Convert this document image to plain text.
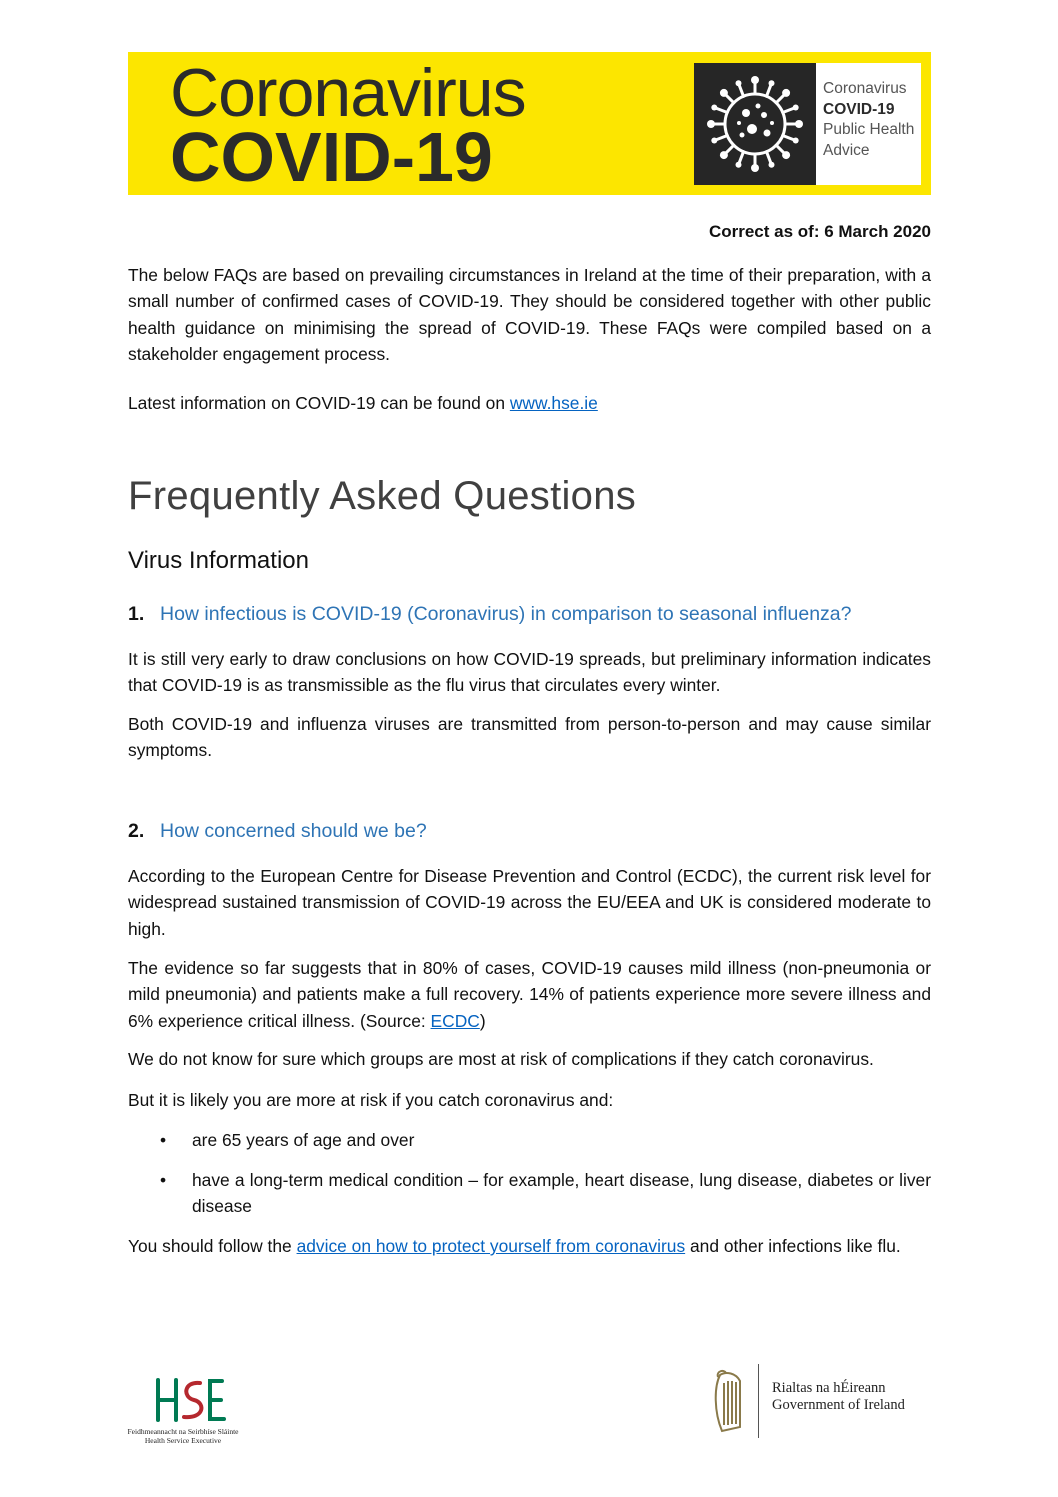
Coronavirus
COVID-19
Coronavirus
COVID-19
Public Health
Advice
Correct as of: 6 March 2020

The below FAQs are based on prevailing circumstances in Ireland at the time of their preparation, with a small number of confirmed cases of COVID-19. They should be considered together with other public health guidance on minimising the spread of COVID-19. These FAQs were compiled based on a stakeholder engagement process.

Latest information on COVID-19 can be found on www.hse.ie

Frequently Asked Questions
Virus Information
1. How infectious is COVID-19 (Coronavirus) in comparison to seasonal influenza?

It is still very early to draw conclusions on how COVID-19 spreads, but preliminary information indicates that COVID-19 is as transmissible as the flu virus that circulates every winter.

Both COVID-19 and influenza viruses are transmitted from person-to-person and may cause similar symptoms.

2. How concerned should we be?

According to the European Centre for Disease Prevention and Control (ECDC), the current risk level for widespread sustained transmission of COVID-19 across the EU/EEA and UK is considered moderate to high.

The evidence so far suggests that in 80% of cases, COVID-19 causes mild illness (non-pneumonia or mild pneumonia) and patients make a full recovery. 14% of patients experience more severe illness and 6% experience critical illness. (Source: ECDC)

We do not know for sure which groups are most at risk of complications if they catch coronavirus.

But it is likely you are more at risk if you catch coronavirus and:

•	are 65 years of age and over
•	have a long-term medical condition – for example, heart disease, lung disease, diabetes or liver disease

You should follow the advice on how to protect yourself from coronavirus and other infections like flu.

Feidhmeannacht na Seirbhíse Sláinte
Health Service Executive
Rialtas na hÉireann
Government of Ireland
